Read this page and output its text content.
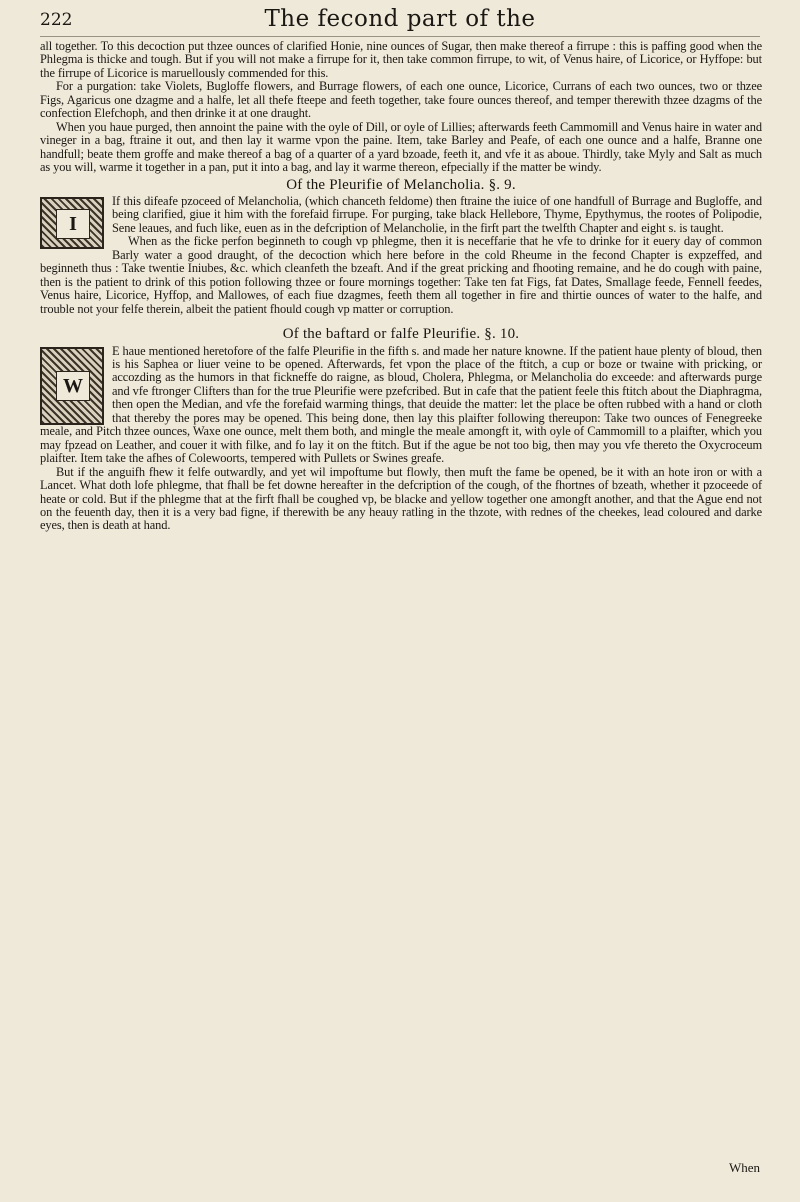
222	The fecond part of the

all together. To this decoction put thzee ounces of clarified Honie, nine ounces of Sugar, then make thereof a firrupe : this is paffing good when the Phlegma is thicke and tough. But if you will not make a firrupe for it, then take common firrupe, to wit, of Venus haire, of Licorice, or Hyffope: but the firrupe of Licorice is maruellously commended for this.

For a purgation: take Violets, Bugloffe flowers, and Burrage flowers, of each one ounce, Licorice, Currans of each two ounces, two or thzee Figs, Agaricus one dzagme and a halfe, let all thefe fteepe and feeth together, take foure ounces thereof, and temper therewith thzee dzagms of the confection Elefchoph, and then drinke it at one draught.

When you haue purged, then annoint the paine with the oyle of Dill, or oyle of Lillies; afterwards feeth Cammomill and Venus haire in water and vineger in a bag, ftraine it out, and then lay it warme vpon the paine. Item, take Barley and Peafe, of each one ounce and a halfe, Branne one handfull; beate them groffe and make thereof a bag of a quarter of a yard bzoade, feeth it, and vfe it as aboue. Thirdly, take Myly and Salt as much as you will, warme it together in a pan, put it into a bag, and lay it warme thereon, efpecially if the matter be windy.

Of the Pleurifie of Melancholia. §. 9.
I

If this difeafe pzoceed of Melancholia, (which chanceth feldome) then ftraine the iuice of one handfull of Burrage and Bugloffe, and being clarified, giue it him with the forefaid firrupe. For purging, take black Hellebore, Thyme, Epythymus, the rootes of Polipodie, Sene leaues, and fuch like, euen as in the defcription of Melancholie, in the firft part the twelfth Chapter and eight s. is taught.

When as the ficke perfon beginneth to cough vp phlegme, then it is neceffarie that he vfe to drinke for it euery day of common Barly water a good draught, of the decoction which here before in the cold Rheume in the fecond Chapter is expzeffed, and beginneth thus : Take twentie Iniubes, &c. which cleanfeth the bzeaft. And if the great pricking and fhooting remaine, and he do cough with paine, then is the patient to drink of this potion following thzee or foure mornings together: Take ten fat Figs, fat Dates, Smallage feede, Fennell feedes, Venus haire, Licorice, Hyffop, and Mallowes, of each fiue dzagmes, feeth them all together in fire and thirtie ounces of water to the halfe, and trouble not your felfe therein, albeit the patient fhould cough vp matter or corruption.

Of the baftard or falfe Pleurifie. §. 10.
W

E haue mentioned heretofore of the falfe Pleurifie in the fifth s. and made her nature knowne. If the patient haue plenty of bloud, then is his Saphea or liuer veine to be opened. Afterwards, fet vpon the place of the ftitch, a cup or boze or twaine with pricking, or accozding as the humors in that fickneffe do raigne, as bloud, Cholera, Phlegma, or Melancholia do exceede: and afterwards purge and vfe ftronger Clifters than for the true Pleurifie were pzefcribed. But in cafe that the patient feele this ftitch about the Diaphragma, then open the Median, and vfe the forefaid warming things, that deuide the matter: let the place be often rubbed with a hand or cloth that thereby the pores may be opened. This being done, then lay this plaifter following thereupon: Take two ounces of Fenegreeke meale, and Pitch thzee ounces, Waxe one ounce, melt them both, and mingle the meale amongft it, with oyle of Cammomill to a plaifter, which you may fpzead on Leather, and couer it with filke, and fo lay it on the ftitch. But if the ague be not too big, then may you vfe thereto the Oxycroceum plaifter. Item take the afhes of Colewoorts, tempered with Pullets or Swines greafe.

But if the anguifh fhew it felfe outwardly, and yet wil impoftume but flowly, then muft the fame be opened, be it with an hote iron or with a Lancet. What doth lofe phlegme, that fhall be fet downe hereafter in the defcription of the cough, of the fhortnes of bzeath, whether it pzoceede of heate or cold. But if the phlegme that at the firft fhall be coughed vp, be blacke and yellow together one amongft another, and that the Ague end not on the feuenth day, then it is a very bad figne, if therewith be any heauy ratling in the thzote, with rednes of the cheekes, lead coloured and darke eyes, then is death at hand.

When
